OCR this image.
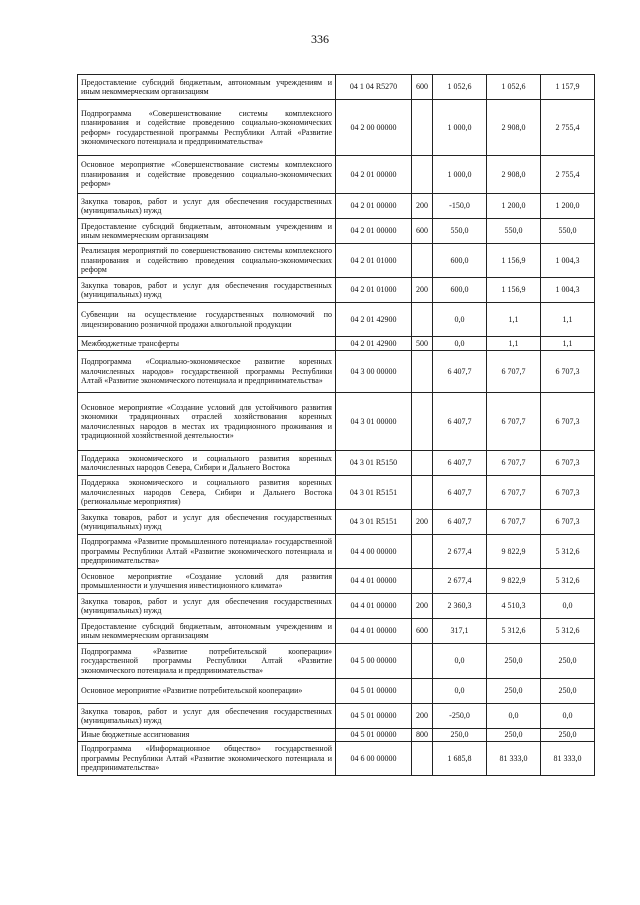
336
Предоставление субсидий бюджетным, автономным учреждениям и иным некоммерческим организациям	04 1 04 R5270	600	1 052,6	1 052,6	1 157,9
Подпрограмма «Совершенствование системы комплексного планирования и содействие проведению социально-экономических реформ» государственной программы Республики Алтай «Развитие экономического потенциала и предпринимательства»	04 2 00 00000		1 000,0	2 908,0	2 755,4
Основное мероприятие «Совершенствование системы комплексного планирования и содействие проведению социально-экономических реформ»	04 2 01 00000		1 000,0	2 908,0	2 755,4
Закупка товаров, работ и услуг для обеспечения государственных (муниципальных) нужд	04 2 01 00000	200	-150,0	1 200,0	1 200,0
Предоставление субсидий бюджетным, автономным учреждениям и иным некоммерческим организациям	04 2 01 00000	600	550,0	550,0	550,0
Реализация мероприятий по совершенствованию системы комплексного планирования и содействию проведения социально-экономических реформ	04 2 01 01000		600,0	1 156,9	1 004,3
Закупка товаров, работ и услуг для обеспечения государственных (муниципальных) нужд	04 2 01 01000	200	600,0	1 156,9	1 004,3
Субвенции на осуществление государственных полномочий по лицензированию розничной продажи алкогольной продукции	04 2 01 42900		0,0	1,1	1,1
Межбюджетные трансферты	04 2 01 42900	500	0,0	1,1	1,1
Подпрограмма «Социально-экономическое развитие коренных малочисленных народов» государственной программы Республики Алтай «Развитие экономического потенциала и предпринимательства»	04 3 00 00000		6 407,7	6 707,7	6 707,3
Основное мероприятие «Создание условий для устойчивого развития экономики традиционных отраслей хозяйствования коренных малочисленных народов в местах их традиционного проживания и традиционной хозяйственной деятельности»	04 3 01 00000		6 407,7	6 707,7	6 707,3
Поддержка экономического и социального развития коренных малочисленных народов Севера, Сибири и Дальнего Востока	04 3 01 R5150		6 407,7	6 707,7	6 707,3
Поддержка экономического и социального развития коренных малочисленных народов Севера, Сибири и Дальнего Востока (региональные мероприятия)	04 3 01 R5151		6 407,7	6 707,7	6 707,3
Закупка товаров, работ и услуг для обеспечения государственных (муниципальных) нужд	04 3 01 R5151	200	6 407,7	6 707,7	6 707,3
Подпрограмма «Развитие промышленного потенциала» государственной программы Республики Алтай «Развитие экономического потенциала и предпринимательства»	04 4 00 00000		2 677,4	9 822,9	5 312,6
Основное мероприятие «Создание условий для развития промышленности и улучшения инвестиционного климата»	04 4 01 00000		2 677,4	9 822,9	5 312,6
Закупка товаров, работ и услуг для обеспечения государственных (муниципальных) нужд	04 4 01 00000	200	2 360,3	4 510,3	0,0
Предоставление субсидий бюджетным, автономным учреждениям и иным некоммерческим организациям	04 4 01 00000	600	317,1	5 312,6	5 312,6
Подпрограмма «Развитие потребительской кооперации» государственной программы Республики Алтай «Развитие экономического потенциала и предпринимательства»	04 5 00 00000		0,0	250,0	250,0
Основное мероприятие «Развитие потребительской кооперации»	04 5 01 00000		0,0	250,0	250,0
Закупка товаров, работ и услуг для обеспечения государственных (муниципальных) нужд	04 5 01 00000	200	-250,0	0,0	0,0
Иные бюджетные ассигнования	04 5 01 00000	800	250,0	250,0	250,0
Подпрограмма «Информационное общество» государственной программы Республики Алтай «Развитие экономического потенциала и предпринимательства»	04 6 00 00000		1 685,8	81 333,0	81 333,0
